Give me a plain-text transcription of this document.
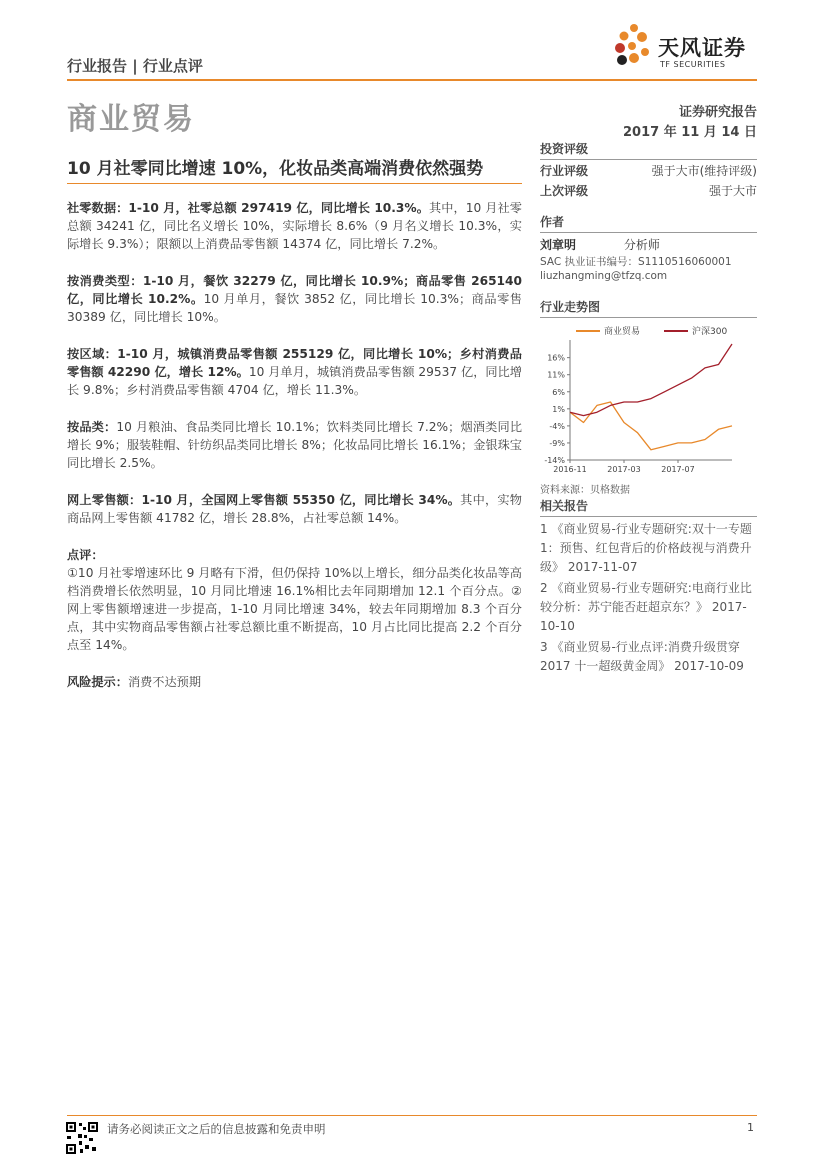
行业报告 | 行业点评
天风证券
TF SECURITIES
商业贸易	证券研究报告
2017 年 11 月 14 日
10 月社零同比增速 10%，化妆品类高端消费依然强势

社零数据：1-10 月，社零总额 297419 亿，同比增长 10.3%。其中，10 月社零总额 34241 亿，同比名义增长 10%，实际增长 8.6%（9 月名义增长 10.3%，实际增长 9.3%）；限额以上消费品零售额 14374 亿，同比增长 7.2%。

按消费类型：1-10 月，餐饮 32279 亿，同比增长 10.9%；商品零售 265140 亿，同比增长 10.2%。10 月单月，餐饮 3852 亿，同比增长 10.3%；商品零售 30389 亿，同比增长 10%。

按区域：1-10 月，城镇消费品零售额 255129 亿，同比增长 10%；乡村消费品零售额 42290 亿，增长 12%。10 月单月，城镇消费品零售额 29537 亿，同比增长 9.8%；乡村消费品零售额 4704 亿，增长 11.3%。

按品类：10 月粮油、食品类同比增长 10.1%；饮料类同比增长 7.2%；烟酒类同比增长 9%；服装鞋帽、针纺织品类同比增长 8%；化妆品同比增长 16.1%；金银珠宝同比增长 2.5%。

网上零售额：1-10 月，全国网上零售额 55350 亿，同比增长 34%。其中，实物商品网上零售额 41782 亿，增长 28.8%，占社零总额 14%。

点评：
①10 月社零增速环比 9 月略有下滑，但仍保持 10%以上增长，细分品类化妆品等高档消费增长依然明显，10 月同比增速 16.1%相比去年同期增加 12.1 个百分点。②网上零售额增速进一步提高，1-10 月同比增速 34%，较去年同期增加 8.3 个百分点，其中实物商品零售额占社零总额比重不断提高，10 月占比同比提高 2.2 个百分点至 14%。

风险提示：消费不达预期

投资评级
行业评级	强于大市(维持评级)
上次评级	强于大市
作者
刘章明	分析师
SAC 执业证书编号：S1110516060001
liuzhangming@tfzq.com
行业走势图
16%
11%
6%
1%
-4%
-9%
-14%
2016-11	2017-03	2017-07
商业贸易	沪深300
资料来源：贝格数据
相关报告
1 《商业贸易-行业专题研究:双十一专题 1：预售、红包背后的价格歧视与消费升级》 2017-11-07
2 《商业贸易-行业专题研究:电商行业比较分析：苏宁能否赶超京东？》 2017-10-10
3 《商业贸易-行业点评:消费升级贯穿 2017 十一超级黄金周》 2017-10-09
请务必阅读正文之后的信息披露和免责申明	1
